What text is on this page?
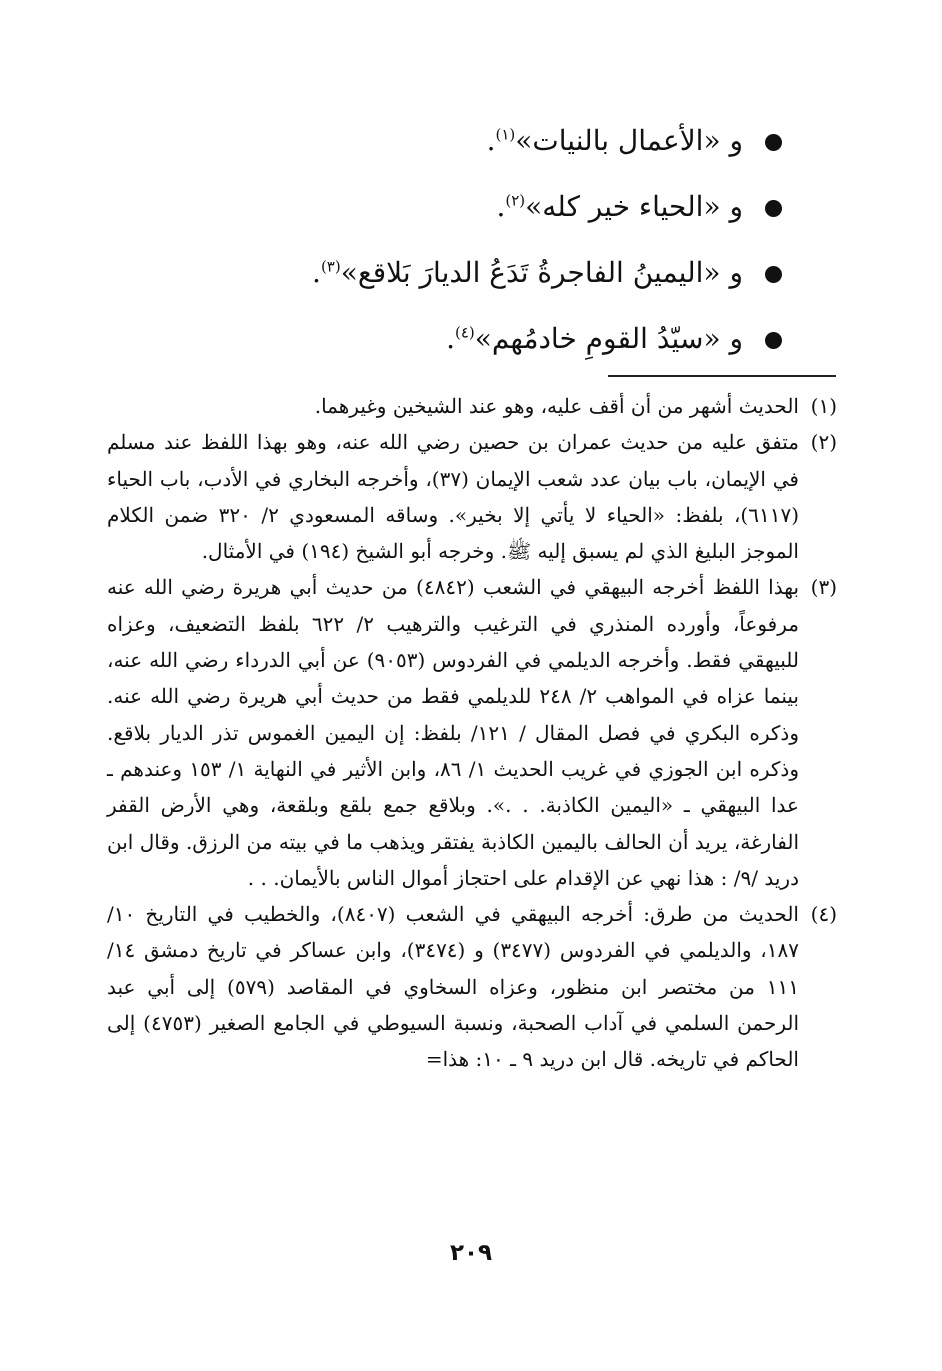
و «الأعمال بالنيات»$^{(١)}$.
و «الحياء خير كله»$^{(٢)}$.
و «اليمينُ الفاجرةُ تَدَعُ الديارَ بَلاقع»$^{(٣)}$.
و «سيّدُ القومِ خادمُهم»$^{(٤)}$.

(١)
الحديث أشهر من أن أقف عليه، وهو عند الشيخين وغيرهما.

(٢)
متفق عليه من حديث عمران بن حصين رضي الله عنه، وهو بهذا اللفظ عند مسلم في الإيمان، باب بيان عدد شعب الإيمان (٣٧)، وأخرجه البخاري في الأدب، باب الحياء (٦١١٧)، بلفظ: «الحياء لا يأتي إلا بخير». وساقه المسعودي ٢/ ٣٢٠ ضمن الكلام الموجز البليغ الذي لم يسبق إليه ﷺ. وخرجه أبو الشيخ (١٩٤) في الأمثال.

(٣)
بهذا اللفظ أخرجه البيهقي في الشعب (٤٨٤٢) من حديث أبي هريرة رضي الله عنه مرفوعاً، وأورده المنذري في الترغيب والترهيب ٢/ ٦٢٢ بلفظ التضعيف، وعزاه للبيهقي فقط. وأخرجه الديلمي في الفردوس (٩٠٥٣) عن أبي الدرداء رضي الله عنه، بينما عزاه في المواهب ٢/ ٢٤٨ للديلمي فقط من حديث أبي هريرة رضي الله عنه. وذكره البكري في فصل المقال / ١٢١/ بلفظ: إن اليمين الغموس تذر الديار بلاقع. وذكره ابن الجوزي في غريب الحديث ١/ ٨٦، وابن الأثير في النهاية ١/ ١٥٣ وعندهم ـ عدا البيهقي ـ «اليمين الكاذبة. . .». وبلاقع جمع بلقع وبلقعة، وهي الأرض القفر الفارغة، يريد أن الحالف باليمين الكاذبة يفتقر ويذهب ما في بيته من الرزق. وقال ابن دريد /٩/ : هذا نهي عن الإقدام على احتجاز أموال الناس بالأيمان. . .

(٤)
الحديث من طرق: أخرجه البيهقي في الشعب (٨٤٠٧)، والخطيب في التاريخ ١٠/ ١٨٧، والديلمي في الفردوس (٣٤٧٧) و (٣٤٧٤)، وابن عساكر في تاريخ دمشق ١٤/ ١١١ من مختصر ابن منظور، وعزاه السخاوي في المقاصد (٥٧٩) إلى أبي عبد الرحمن السلمي في آداب الصحبة، ونسبة السيوطي في الجامع الصغير (٤٧٥٣) إلى الحاكم في تاريخه. قال ابن دريد ٩ ـ ١٠: هذا=

٢٠٩
